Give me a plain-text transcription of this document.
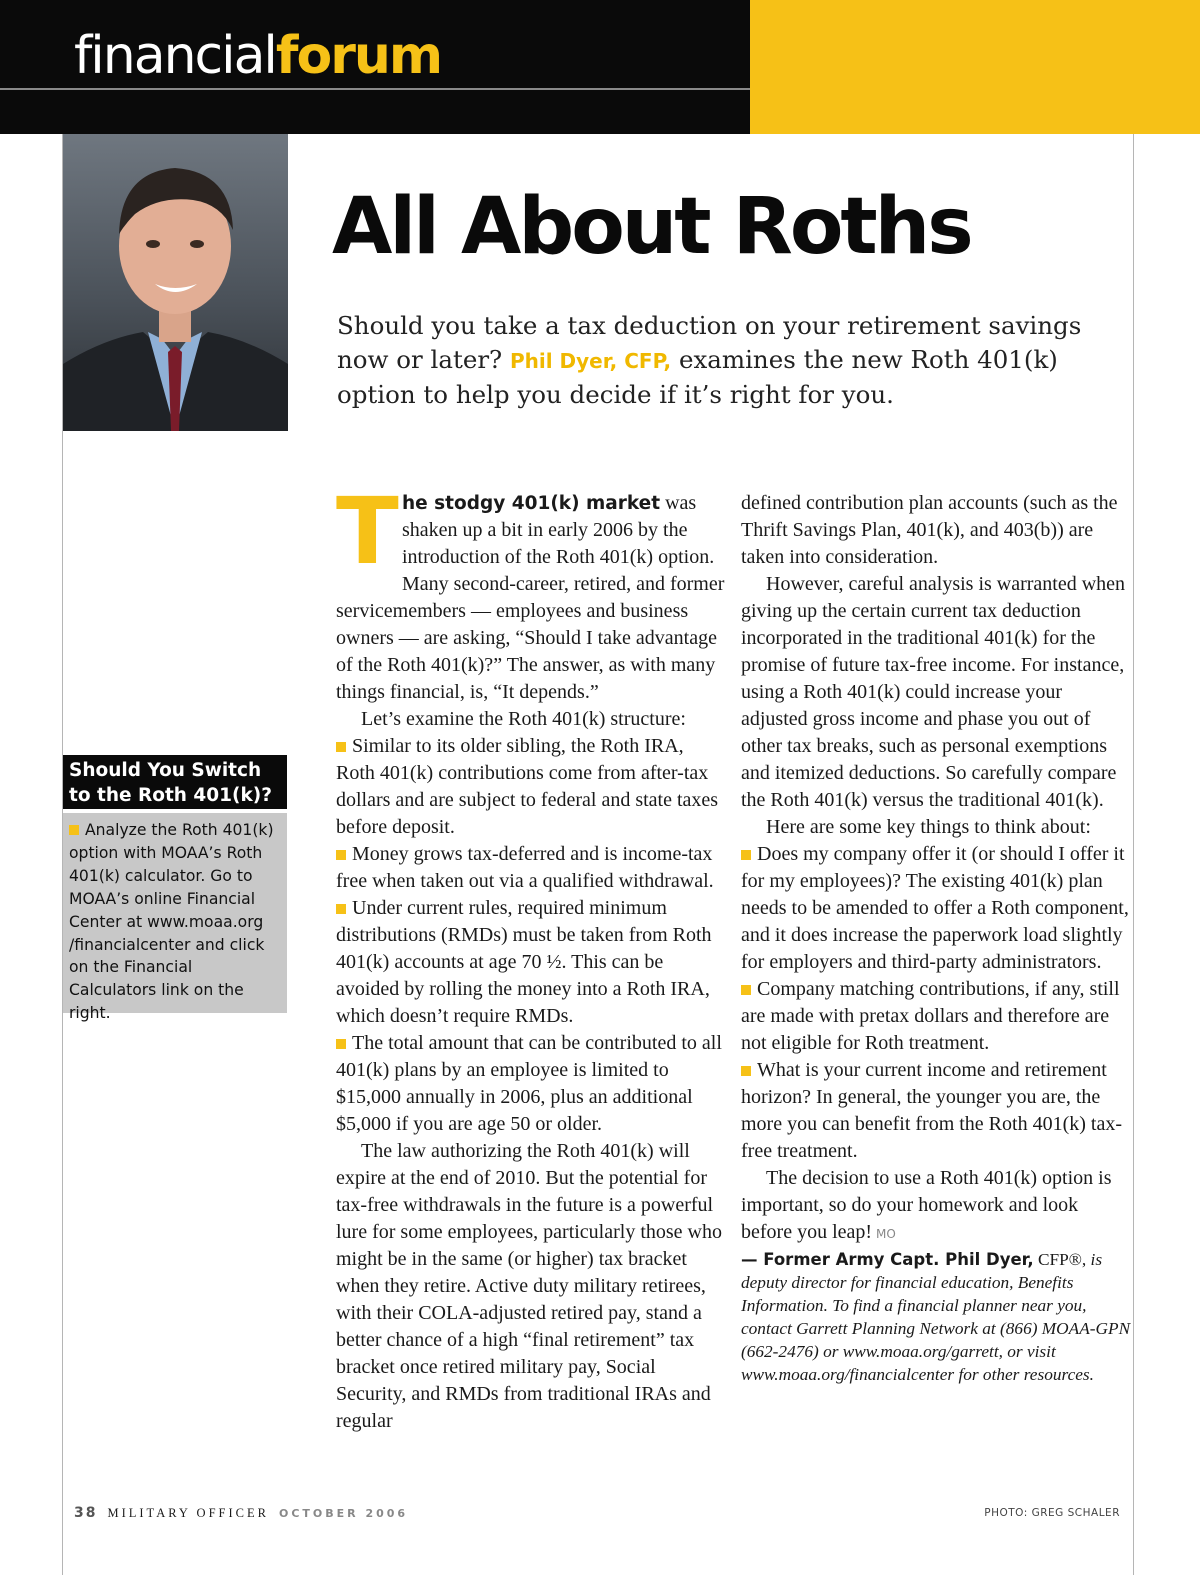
financialforum
All About Roths
Should you take a tax deduction on your retirement savings now or later? Phil Dyer, CFP, examines the new Roth 401(k) option to help you decide if it’s right for you.
Should You Switch to the Roth 401(k)?
Analyze the Roth 401(k) option with MOAA’s Roth 401(k) calculator. Go to MOAA’s online Financial Center at www.moaa.org /financialcenter and click on the Financial Calculators link on the right.

The stodgy 401(k) market was shaken up a bit in early 2006 by the introduction of the Roth 401(k) option. Many second-career, retired, and former servicemembers — employees and business owners — are asking, “Should I take advantage of the Roth 401(k)?” The answer, as with many things financial, is, “It depends.”

Let’s examine the Roth 401(k) structure:

Similar to its older sibling, the Roth IRA, Roth 401(k) contributions come from after-tax dollars and are subject to federal and state taxes before deposit.

Money grows tax-deferred and is income-tax free when taken out via a qualified withdrawal.

Under current rules, required minimum distributions (RMDs) must be taken from Roth 401(k) accounts at age 70 ½. This can be avoided by rolling the money into a Roth IRA, which doesn’t require RMDs.

The total amount that can be contributed to all 401(k) plans by an employee is limited to $15,000 annually in 2006, plus an additional $5,000 if you are age 50 or older.

The law authorizing the Roth 401(k) will expire at the end of 2010. But the potential for tax-free withdrawals in the future is a powerful lure for some employees, particularly those who might be in the same (or higher) tax bracket when they retire. Active duty military retirees, with their COLA-adjusted retired pay, stand a better chance of a high “final retirement” tax bracket once retired military pay, Social Security, and RMDs from traditional IRAs and regular

defined contribution plan accounts (such as the Thrift Savings Plan, 401(k), and 403(b)) are taken into consideration.

However, careful analysis is warranted when giving up the certain current tax deduction incorporated in the traditional 401(k) for the promise of future tax-free income. For instance, using a Roth 401(k) could increase your adjusted gross income and phase you out of other tax breaks, such as personal exemptions and itemized deductions. So carefully compare the Roth 401(k) versus the traditional 401(k).

Here are some key things to think about:

Does my company offer it (or should I offer it for my employees)? The existing 401(k) plan needs to be amended to offer a Roth component, and it does increase the paperwork load slightly for employers and third-party administrators.

Company matching contributions, if any, still are made with pretax dollars and therefore are not eligible for Roth treatment.

What is your current income and retirement horizon? In general, the younger you are, the more you can benefit from the Roth 401(k) tax-free treatment.

The decision to use a Roth 401(k) option is important, so do your homework and look before you leap! MO

— Former Army Capt. Phil Dyer, CFP®, is deputy director for financial education, Benefits Information. To find a financial planner near you, contact Garrett Planning Network at (866) MOAA-GPN (662-2476) or www.moaa.org/garrett, or visit www.moaa.org/financialcenter for other resources.

38 MILITARY OFFICER OCTOBER 2006	PHOTO: GREG SCHALER
